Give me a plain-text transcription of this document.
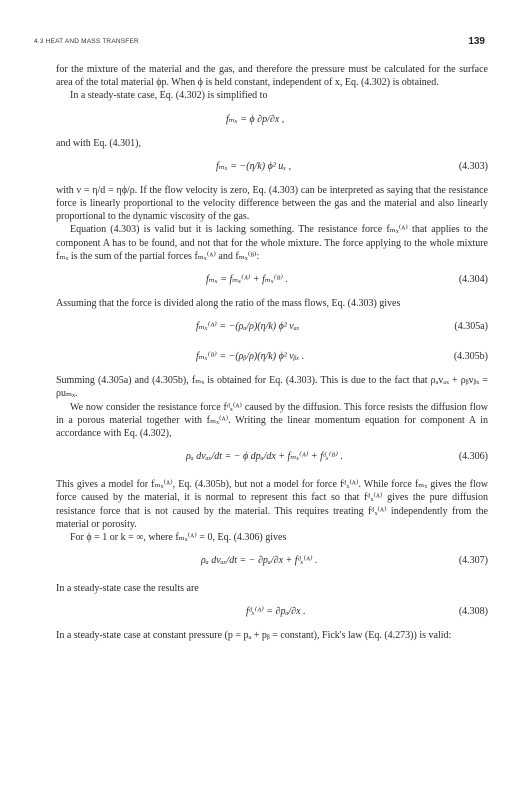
4.3 HEAT AND MASS TRANSFER	139

for the mixture of the material and the gas, and therefore the pressure must be calculated for the surface area of the total material ϕp. When ϕ is held constant, independent of x, Eq. (4.302) is obtained.

In a steady-state case, Eq. (4.302) is simplified to

fₘₓ = ϕ ∂p/∂x ,

and with Eq. (4.301),

fₘₓ = −(η/k) ϕ² uₓ ,	(4.303)

with ν = η/d = ηϕ/ρ. If the flow velocity is zero, Eq. (4.303) can be interpreted as saying that the resistance force is linearly proportional to the velocity difference between the gas and the material and also linearly proportional to the dynamic viscosity of the gas.

Equation (4.303) is valid but it is lacking something. The resistance force fₘₓ⁽ᴬ⁾ that applies to the component A has to be found, and not that for the whole mixture. The force applying to the whole mixture fₘₓ is the sum of the partial forces fₘₓ⁽ᴬ⁾ and fₘₓ⁽ᴮ⁾:

fₘₓ = fₘₓ⁽ᴬ⁾ + fₘₓ⁽ᴮ⁾ .	(4.304)

Assuming that the force is divided along the ratio of the mass flows, Eq. (4.303) gives

fₘₓ⁽ᴬ⁾ = −(ρₐ/ρ)(η/k) ϕ² vₐₓ	(4.305a)
fₘₓ⁽ᴮ⁾ = −(ρᵦ/ρ)(η/k) ϕ² vᵦₓ .	(4.305b)

Summing (4.305a) and (4.305b), fₘₓ is obtained for Eq. (4.303). This is due to the fact that ρₐvₐₓ + ρᵦvᵦₓ = ρuₘₓ.

We now consider the resistance force fᵈₓ⁽ᴬ⁾ caused by the diffusion. This force resists the diffusion flow in a porous material together with fₘₓ⁽ᴬ⁾. Writing the linear momentum equation for component A in accordance with Eq. (4.302),

ρₐ dvₐₓ/dt = − ϕ dpₐ/dx + fₘₓ⁽ᴬ⁾ + fᵈₓ⁽ᴮ⁾ .	(4.306)

This gives a model for fₘₓ⁽ᴬ⁾, Eq. (4.305b), but not a model for force fᵈₓ⁽ᴬ⁾. While force fₘₓ gives the flow force caused by the material, it is normal to represent this fact so that fᵈₓ⁽ᴬ⁾ gives the pure diffusion resistance force that is not caused by the material. This requires treating fᵈₓ⁽ᴬ⁾ independently from the material or porosity.

For ϕ = 1 or k = ∞, where fₘₓ⁽ᴬ⁾ = 0, Eq. (4.306) gives

ρₐ dvₐₓ/dt = − ∂pₐ/∂x + fᵈₓ⁽ᴬ⁾ .	(4.307)

In a steady-state case the results are

fᵈₓ⁽ᴬ⁾ = ∂pₐ/∂x .	(4.308)

In a steady-state case at constant pressure (p = pₐ + pᵦ = constant), Fick's law (Eq. (4.273)) is valid:
